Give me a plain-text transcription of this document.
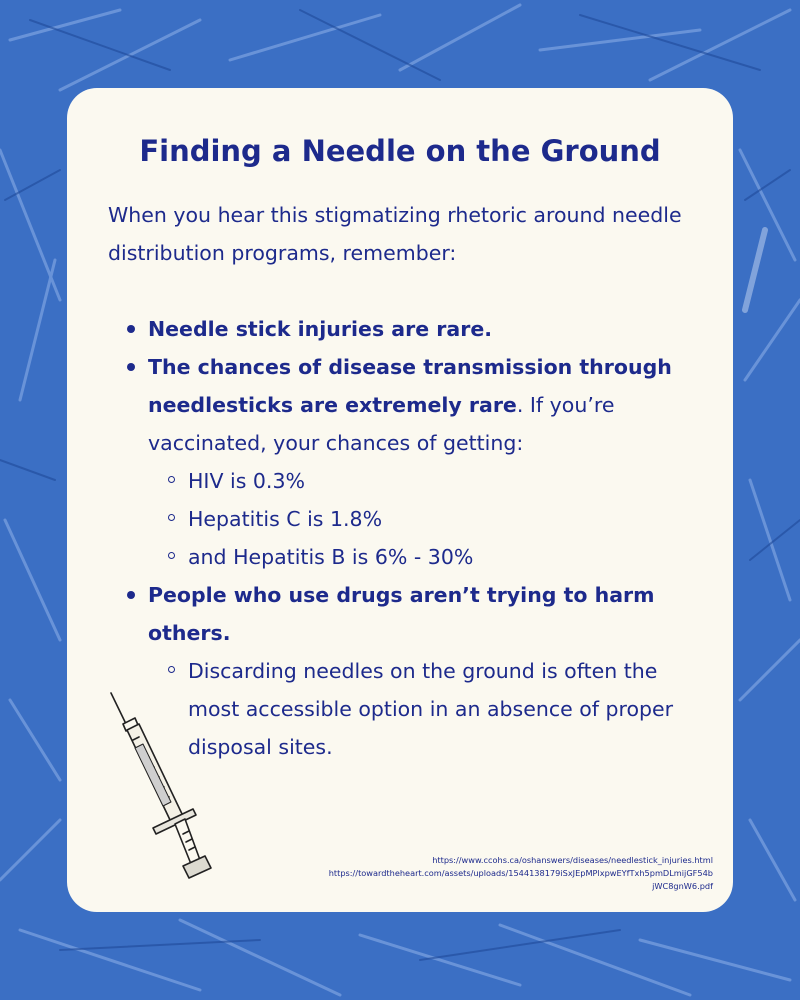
Finding a Needle on the Ground

When you hear this stigmatizing rhetoric around needle distribution programs, remember:

Needle stick injuries are rare.
The chances of disease transmission through needlesticks are extremely rare. If you’re vaccinated, your chances of getting:
HIV is 0.3%
Hepatitis C is 1.8%
and Hepatitis B is 6% - 30%
People who use drugs aren’t trying to harm others.
Discarding needles on the ground is often the most accessible option in an absence of proper disposal sites.
https://www.ccohs.ca/oshanswers/diseases/needlestick_injuries.html
https://towardtheheart.com/assets/uploads/1544138179iSxJEpMPlxpwEYfTxh5pmDLmijGF54b
jWC8gnW6.pdf
